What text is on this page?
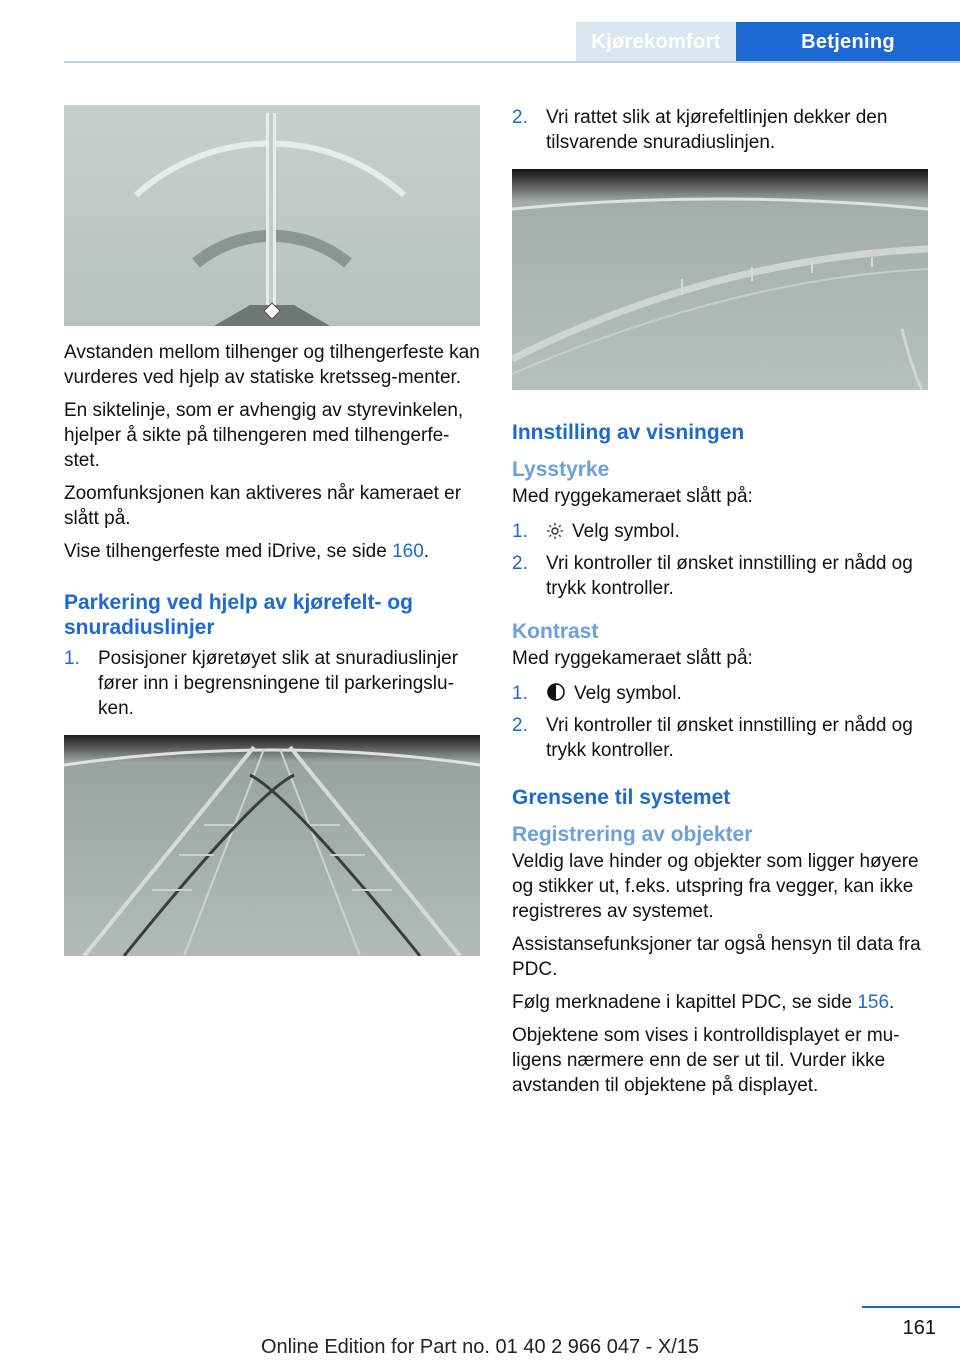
Kjørekomfort	Betjening

Avstanden mellom tilhenger og tilhengerfeste kan vurderes ved hjelp av statiske kretsseg-menter.

En siktelinje, som er avhengig av styrevinkelen, hjelper å sikte på tilhengeren med tilhengerfe-stet.

Zoomfunksjonen kan aktiveres når kameraet er slått på.

Vise tilhengerfeste med iDrive, se side 160.

Parkering ved hjelp av kjørefelt- og snuradiuslinjer
1. Posisjoner kjøretøyet slik at snuradiuslinjer fører inn i begrensningene til parkeringslu-ken.
2. Vri rattet slik at kjørefeltlinjen dekker den tilsvarende snuradiuslinjen.
Innstilling av visningen
Lysstyrke

Med ryggekameraet slått på:

1. Velg symbol.
2. Vri kontroller til ønsket innstilling er nådd og trykk kontroller.
Kontrast

Med ryggekameraet slått på:

1. Velg symbol.
2. Vri kontroller til ønsket innstilling er nådd og trykk kontroller.
Grensene til systemet
Registrering av objekter

Veldig lave hinder og objekter som ligger høyere og stikker ut, f.eks. utspring fra vegger, kan ikke registreres av systemet.

Assistansefunksjoner tar også hensyn til data fra PDC.

Følg merknadene i kapittel PDC, se side 156.

Objektene som vises i kontrolldisplayet er mu-ligens nærmere enn de ser ut til. Vurder ikke avstanden til objektene på displayet.

161
Online Edition for Part no. 01 40 2 966 047 - X/15
